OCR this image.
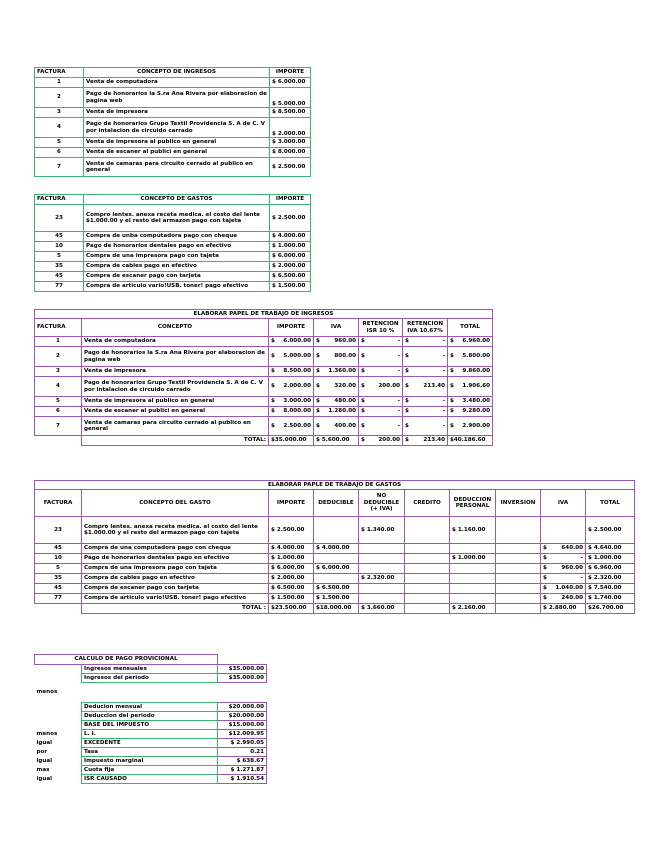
FACTURA	CONCEPTO DE INGRESOS	IMPORTE
1	Venta de computadora	$ 6.000.00
2	Pago de honorarios la S.ra Ana Rivera por elaboracion de pagina web	$ 5.000.00
3	Venta de impresora	$ 8.500.00
4	Pago de honorarios Grupo Textil Providencia S. A de C. V por intalacion de circuido carrado	$ 2.000.00
5	Venta de impresora al publico en general	$ 3.000.00
6	Venta de escaner al publici en general	$ 8.000.00
7	Venta de camaras para circuito cerrado al publico en general	$ 2.500.00
FACTURA	CONCEPTO DE GASTOS	IMPORTE
23	Compro lentes. anexa receta medica. el costo del lente $1.000.00 y el resto del armazon pago con tajeta	$ 2.500.00
45	Compra de unba computadora pago con cheque	$ 4.000.00
10	Pago de honorarios dentales pago en efectivo	$ 1.000.00
5	Compra de una impresora pago con tajeta	$ 6.000.00
35	Compra de cables pago en efectivo	$ 2.000.00
45	Compra de escaner pago con tarjeta	$ 6.500.00
77	Compra de articulo vario!USB. toner! pago efectivo	$ 1.500.00
ELABORAR PAPEL DE TRABAJO DE INGRESOS						
FACTURA	CONCEPTO	IMPORTE	IVA	RETENCION ISR 10 %	RETENCION IVA 10.67%	TOTAL
1	Venta de computadora	$ 6.000.00	$ 960.00	$ -	$ -	$ 6.960.00

2	Pago de honorarios la S.ra Ana Rivera por elaboracion de pagina web	$ 5.000.00	$ 800.00	$ -	$ -	$ 5.800.00

3	Venta de impresora	$ 8.500.00	$ 1.360.00	$ -	$ -	$ 9.860.00

4	Pago de honorarios Grupo Textil Providencia S. A de C. V por intalacion de circuido carrado	$ 2.000.00	$ 320.00	$ 200.00	$ 213.40	$ 1.906.60

5	Venta de impresora al publico en general	$ 3.000.00	$ 480.00	$ -	$ -	$ 3.480.00

6	Venta de escaner al publici en general	$ 8.000.00	$ 1.280.00	$ -	$ -	$ 9.280.00

7	Venta de camaras para circuito cerrado al publico en general	$ 2.500.00	$ 400.00	$ -	$ -	$ 2.900.00

	TOTAL:	$35.000.00	$ 5.600.00	$ 200.00	$ 213.40	$40.186.60
ELABORAR PAPLE DE TRABAJO DE GASTOS									
FACTURA	CONCEPTO DEL GASTO	IMPORTE	DEDUCIBLE	NO DEDUCIBLE (+ IVA)	CREDITO	DEDUCCION PERSONAL	INVERSION	IVA	TOTAL
23	Compro lentes. anexa receta medica. el costo del lente $1.000.00 y el resto del armazon pago con tajeta	$ 2.500.00		$ 1.340.00		$ 1.160.00			$ 2.500.00
45	Compra de una computadora pago con cheque	$ 4.000.00	$ 4.000.00					$ 640.00	$ 4.640.00
10	Pago de honorarios dentales pago en efectivo	$ 1.000.00				$ 1.000.00		$ -	$ 1.000.00
5	Compra de una impresora pago con tajeta	$ 6.000.00	$ 6.000.00					$ 960.00	$ 6.960.00
35	Compra de cables pago en efectivo	$ 2.000.00		$ 2.320.00				$ -	$ 2.320.00
45	Compra de escaner pago con tarjeta	$ 6.500.00	$ 6.500.00					$ 1.040.00	$ 7.540.00
77	Compra de articulo vario!USB. toner! pago efectivo	$ 1.500.00	$ 1.500.00					$ 240.00	$ 1.740.00
	TOTAL :	$23.500.00	$18.000.00	$ 3.660.00		$ 2.160.00		$ 2.880.00	$26.700.00
CALCULO DE PAGO PROVICIONAL		
	Ingresos mensuales	$35.000.00
	Ingresos del periodo	$35.000.00
menos		
	Deducion mensual	$20.000.00
	Deduccion del periodo	$20.000.00
	BASE DEL IMPUESTO	$15.000.00
menos	L. I.	$12.009.95
igual	EXCEDENTE	$ 2.990.05
por	Tasa	0.21
igual	Impuesto marginal	$ 638.67
mas	Cuota fija	$ 1.271.87
igual	ISR CAUSADO	$ 1.910.54
